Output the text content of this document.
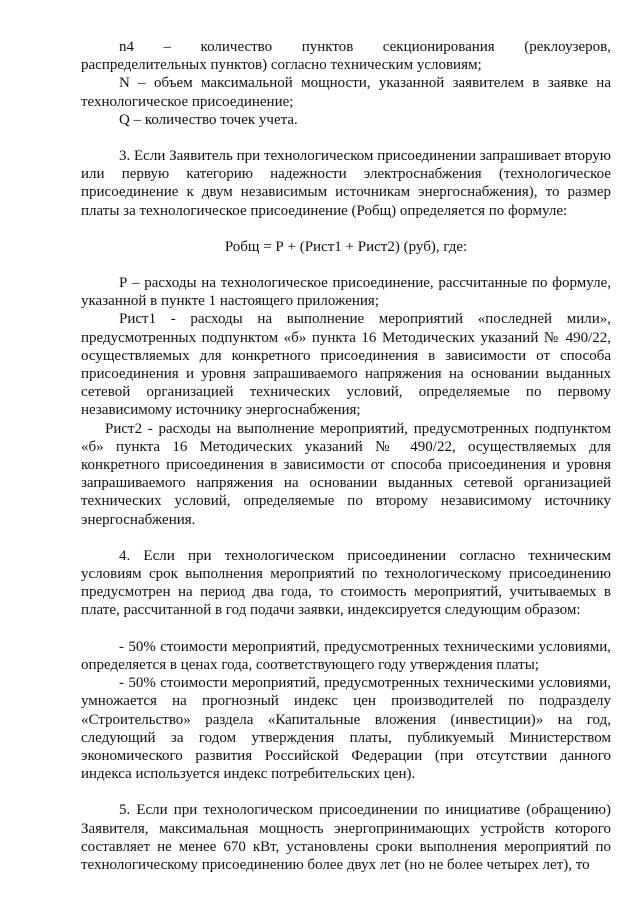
n4 – количество пунктов секционирования (реклоузеров, распределительных пунктов) согласно техническим условиям;

N – объем максимальной мощности, указанной заявителем в заявке на технологическое присоединение;

Q – количество точек учета.

3. Если Заявитель при технологическом присоединении запрашивает вторую или первую категорию надежности электроснабжения (технологическое присоединение к двум независимым источникам энергоснабжения), то размер платы за технологическое присоединение (Робщ) определяется по формуле:

Робщ = Р + (Рист1 + Рист2) (руб), где:

Р – расходы на технологическое присоединение, рассчитанные по формуле, указанной в пункте 1 настоящего приложения;

Рист1 - расходы на выполнение мероприятий «последней мили», предусмотренных подпунктом «б» пункта 16 Методических указаний № 490/22, осуществляемых для конкретного присоединения в зависимости от способа присоединения и уровня запрашиваемого напряжения на основании выданных сетевой организацией технических условий, определяемые по первому независимому источнику энергоснабжения;

Рист2 - расходы на выполнение мероприятий, предусмотренных подпунктом «б» пункта 16 Методических указаний № 490/22, осуществляемых для конкретного присоединения в зависимости от способа присоединения и уровня запрашиваемого напряжения на основании выданных сетевой организацией технических условий, определяемые по второму независимому источнику энергоснабжения.

4. Если при технологическом присоединении согласно техническим условиям срок выполнения мероприятий по технологическому присоединению предусмотрен на период два года, то стоимость мероприятий, учитываемых в плате, рассчитанной в год подачи заявки, индексируется следующим образом:

- 50% стоимости мероприятий, предусмотренных техническими условиями, определяется в ценах года, соответствующего году утверждения платы;

- 50% стоимости мероприятий, предусмотренных техническими условиями, умножается на прогнозный индекс цен производителей по подразделу «Строительство» раздела «Капитальные вложения (инвестиции)» на год, следующий за годом утверждения платы, публикуемый Министерством экономического развития Российской Федерации (при отсутствии данного индекса используется индекс потребительских цен).

5. Если при технологическом присоединении по инициативе (обращению) Заявителя, максимальная мощность энергопринимающих устройств которого составляет не менее 670 кВт, установлены сроки выполнения мероприятий по технологическому присоединению более двух лет (но не более четырех лет), то
